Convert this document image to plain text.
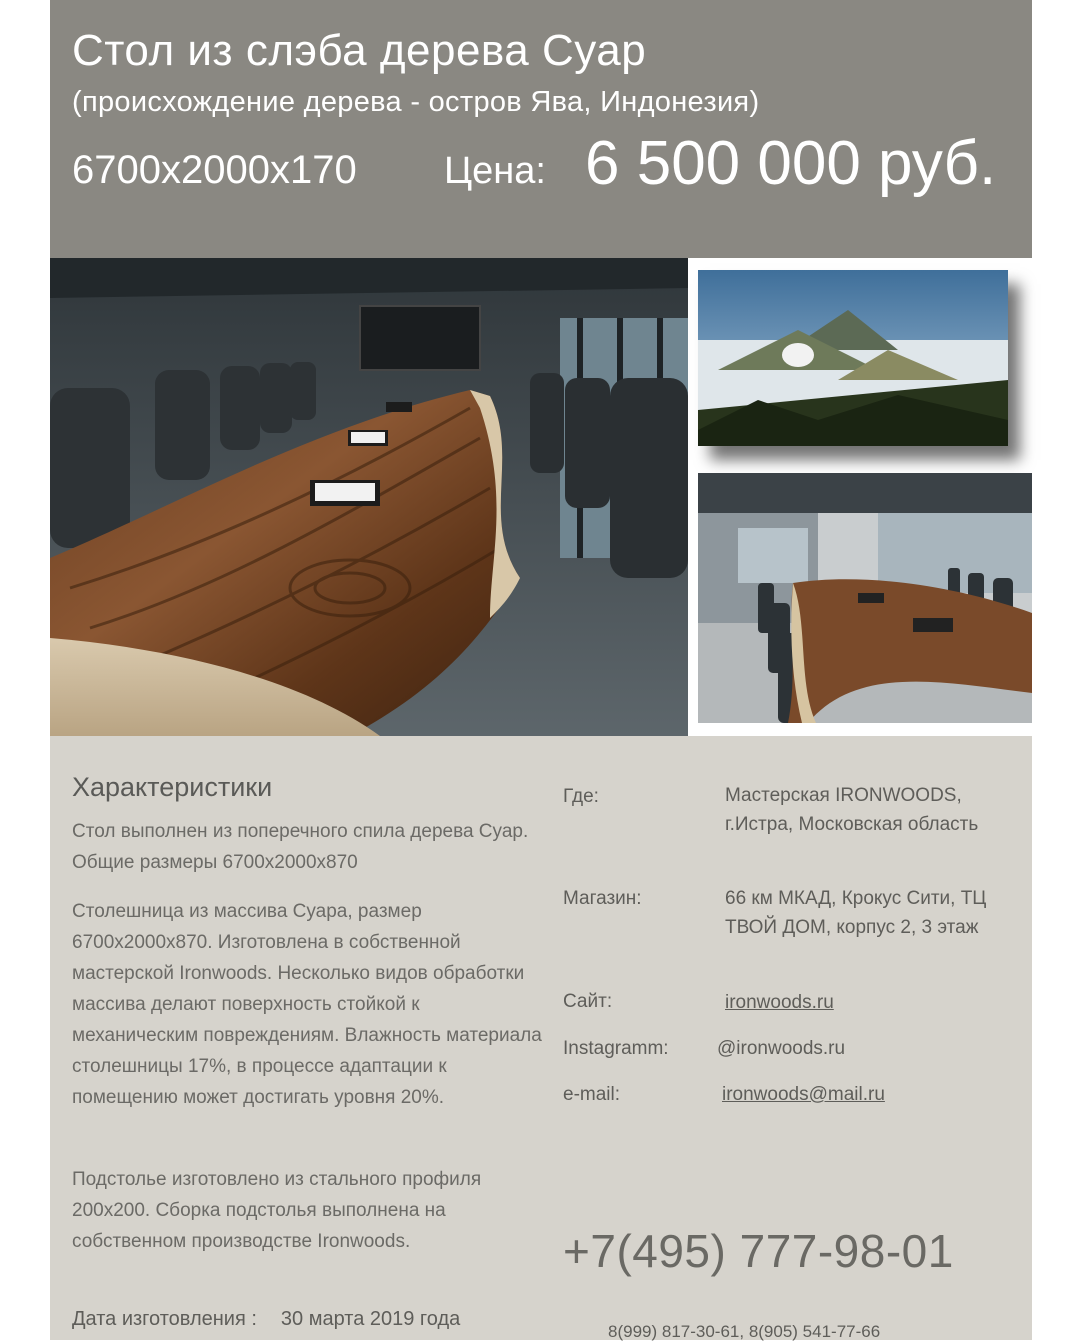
Стол из слэба дерева Суар
(происхождение дерева - остров Ява, Индонезия)
6700x2000x170 Цена: 6 500 000 руб.
Характеристики
Стол выполнен из поперечного спила дерева Суар. Общие размеры 6700x2000x870
Столешница из массива Суара, размер 6700x2000x870. Изготовлена в собственной мастерской Ironwoods. Несколько видов обработки массива делают поверхность стойкой к механическим повреждениям. Влажность материала столешницы 17%, в процессе адаптации к помещению может достигать уровня 20%.
Подстолье изготовлено из стального профиля 200x200. Сборка подстолья выполнена на собственном производстве Ironwoods.
Дата изготовления : 30 марта 2019 года
Где:	Мастерская IRONWOODS, г.Истра, Московская область
Магазин:	66 км МКАД, Крокус Сити, ТЦ ТВОЙ ДОМ, корпус 2, 3 этаж
Сайт:	ironwoods.ru
Instagramm:	@ironwoods.ru
e-mail:	ironwoods@mail.ru
+7(495) 777-98-01
8(999) 817-30-61, 8(905) 541-77-66
